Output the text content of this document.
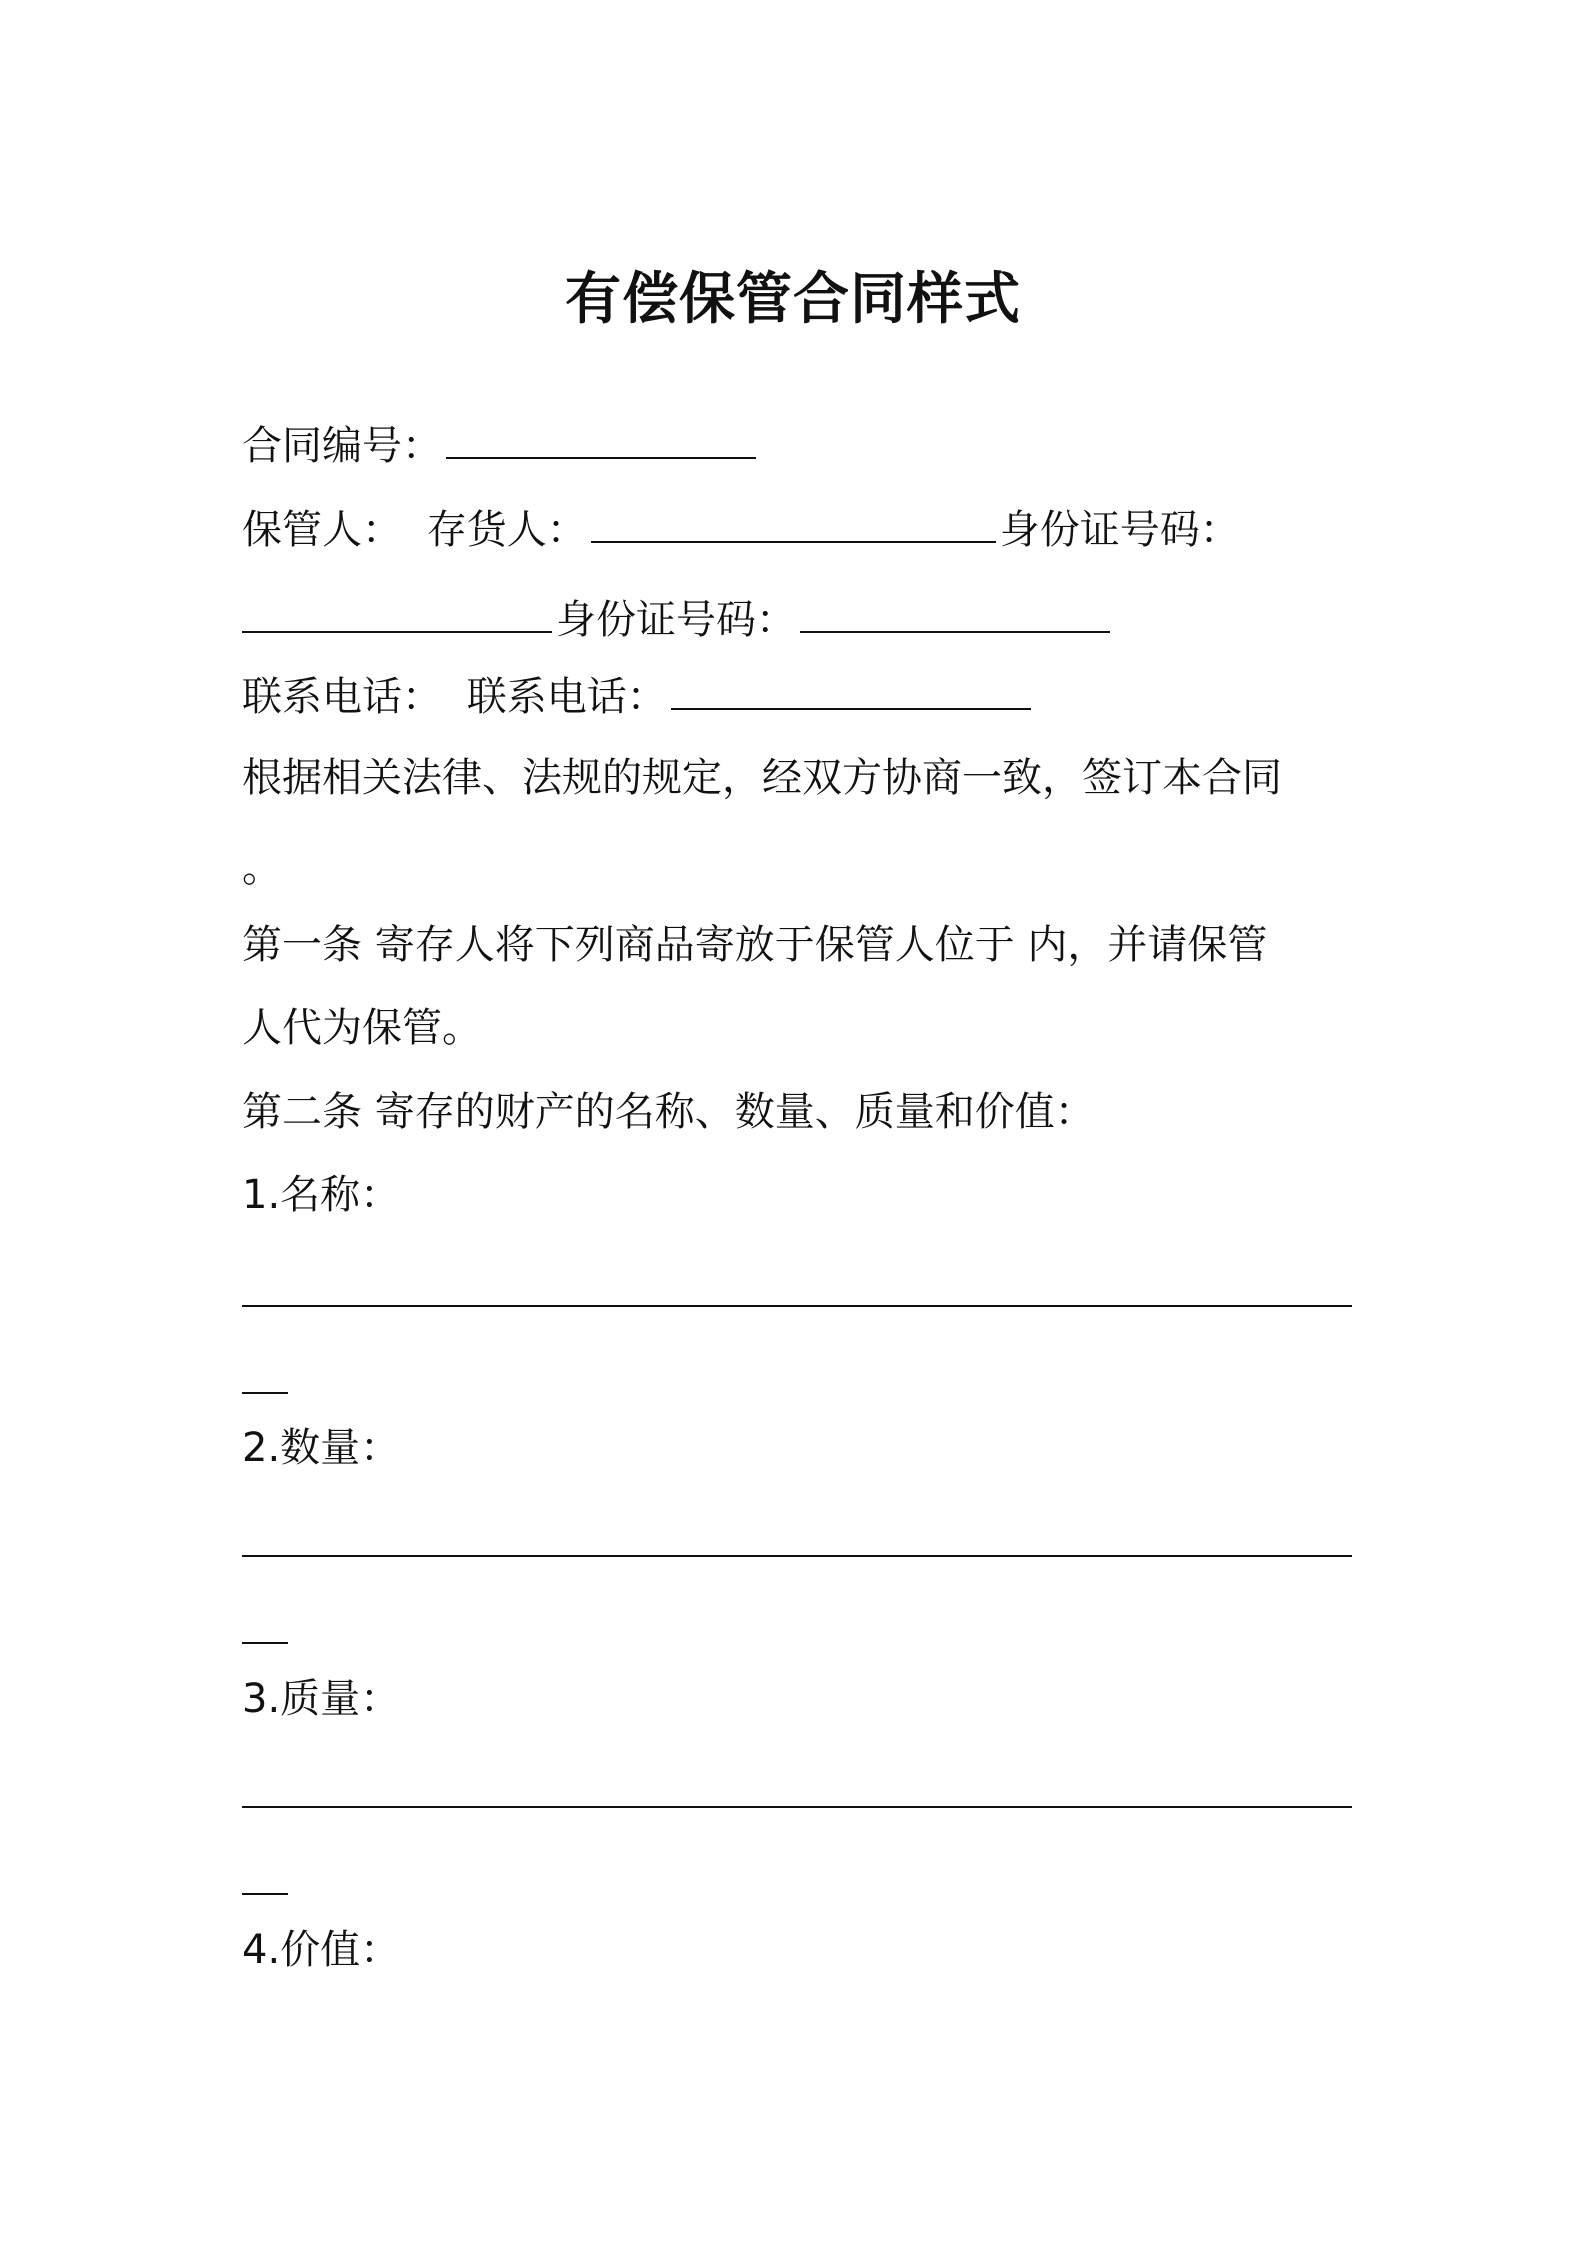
有偿保管合同样式
合同编号：
保管人： 存货人：	身份证号码：
身份证号码：
联系电话： 联系电话：
根据相关法律、法规的规定，经双方协商一致，签订本合同
。
第一条 寄存人将下列商品寄放于保管人位于 内，并请保管
人代为保管。
第二条 寄存的财产的名称、数量、质量和价值：
1.名称：
2.数量：
3.质量：
4.价值：
